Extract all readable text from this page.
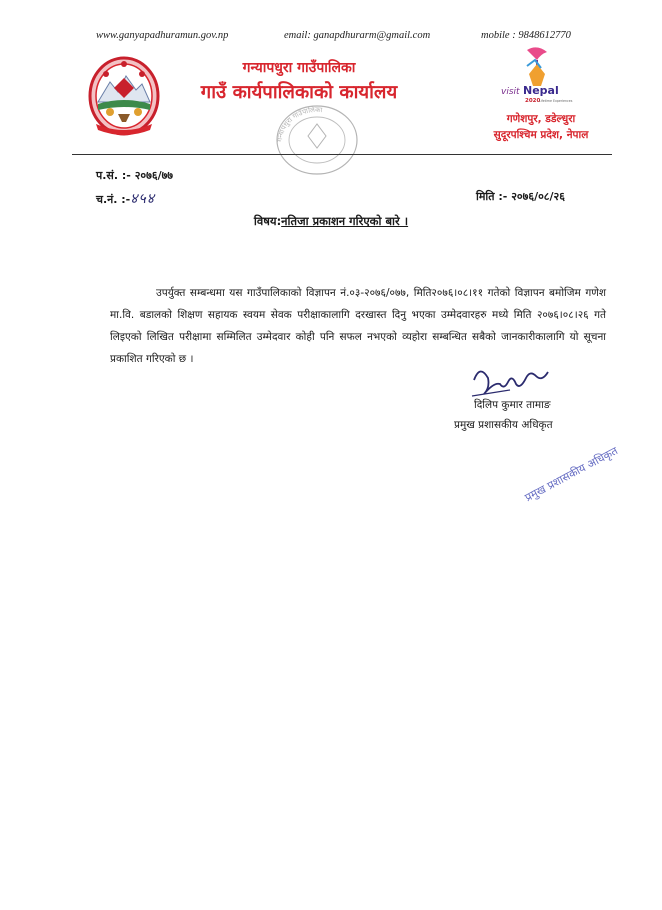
www.ganyapadhuramun.gov.np	email: ganapdhurarm@gmail.com	mobile : 9848612770
गन्यापधुरा गाउँपालिका
गाउँ कार्यपालिकाको कार्यालय	visit Nepal
2020
Lifetime Experiences
गणेशपुर, डडेल्धुरा
सुदूरपश्चिम प्रदेश, नेपाल
गन्यापधुरा गाउँपालिका
प.सं. :- २०७६/७७
च.नं. :-४५४	मिति :- २०७६/०८/२६
विषय:नतिजा प्रकाशन गरिएको बारे ।

उपर्युक्त सम्बन्धमा यस गाउँपालिकाको विज्ञापन नं.०३-२०७६/०७७, मिति२०७६।०८।११ गतेको विज्ञापन बमोजिम गणेश मा.वि. बडालको शिक्षण सहायक स्वयम सेवक परीक्षाकालागि दरखास्त दिनु भएका उम्मेदवारहरु मध्ये मिति २०७६।०८।२६ गते लिइएको लिखित परीक्षामा सम्मिलित उम्मेदवार कोही पनि सफल नभएको व्यहोरा सम्बन्धित सबैको जानकारीकालागि यो सूचना प्रकाशित गरिएको छ ।

दिलिप कुमार तामाङ
प्रमुख प्रशासकीय अधिकृत
प्रमुख प्रशासकीय अधिकृत
